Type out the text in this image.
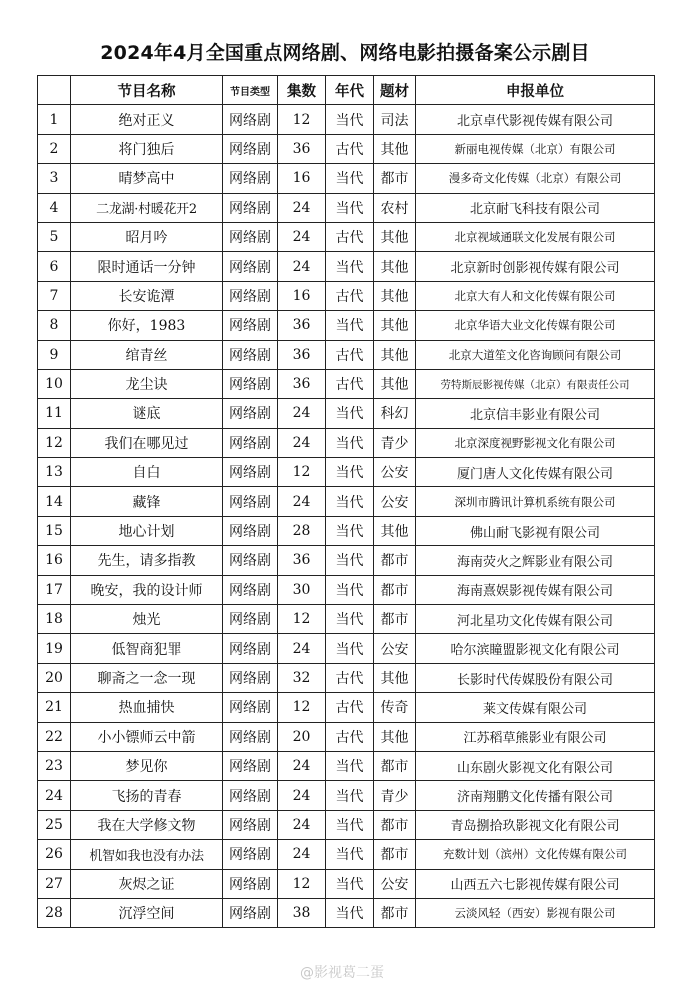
2024年4月全国重点网络剧、网络电影拍摄备案公示剧目
	节目名称	节目类型	集数	年代	题材	申报单位
1	绝对正义	网络剧	12	当代	司法	北京卓代影视传媒有限公司
2	将门独后	网络剧	36	古代	其他	新丽电视传媒（北京）有限公司
3	晴梦高中	网络剧	16	当代	都市	漫多奇文化传媒（北京）有限公司
4	二龙湖·村暖花开2	网络剧	24	当代	农村	北京耐飞科技有限公司
5	昭月吟	网络剧	24	古代	其他	北京视域通联文化发展有限公司
6	限时通话一分钟	网络剧	24	当代	其他	北京新时创影视传媒有限公司
7	长安诡潭	网络剧	16	古代	其他	北京大有人和文化传媒有限公司
8	你好，1983	网络剧	36	当代	其他	北京华语大业文化传媒有限公司
9	绾青丝	网络剧	36	古代	其他	北京大道笙文化咨询顾问有限公司
10	龙尘诀	网络剧	36	古代	其他	劳特斯辰影视传媒（北京）有限责任公司
11	谜底	网络剧	24	当代	科幻	北京信丰影业有限公司
12	我们在哪见过	网络剧	24	当代	青少	北京深度视野影视文化有限公司
13	自白	网络剧	12	当代	公安	厦门唐人文化传媒有限公司
14	藏锋	网络剧	24	当代	公安	深圳市腾讯计算机系统有限公司
15	地心计划	网络剧	28	当代	其他	佛山耐飞影视有限公司
16	先生，请多指教	网络剧	36	当代	都市	海南荧火之辉影业有限公司
17	晚安，我的设计师	网络剧	30	当代	都市	海南熹娱影视传媒有限公司
18	烛光	网络剧	12	当代	都市	河北星功文化传媒有限公司
19	低智商犯罪	网络剧	24	当代	公安	哈尔滨瞳盟影视文化有限公司
20	聊斋之一念一现	网络剧	32	古代	其他	长影时代传媒股份有限公司
21	热血捕快	网络剧	12	古代	传奇	莱文传媒有限公司
22	小小镖师云中箭	网络剧	20	古代	其他	江苏稻草熊影业有限公司
23	梦见你	网络剧	24	当代	都市	山东剧火影视文化有限公司
24	飞扬的青春	网络剧	24	当代	青少	济南翔鹏文化传播有限公司
25	我在大学修文物	网络剧	24	当代	都市	青岛捌拾玖影视文化有限公司
26	机智如我也没有办法	网络剧	24	当代	都市	充数计划（滨州）文化传媒有限公司
27	灰烬之证	网络剧	12	当代	公安	山西五六七影视传媒有限公司
28	沉浮空间	网络剧	38	当代	都市	云淡风轻（西安）影视有限公司
@影视葛二蛋
